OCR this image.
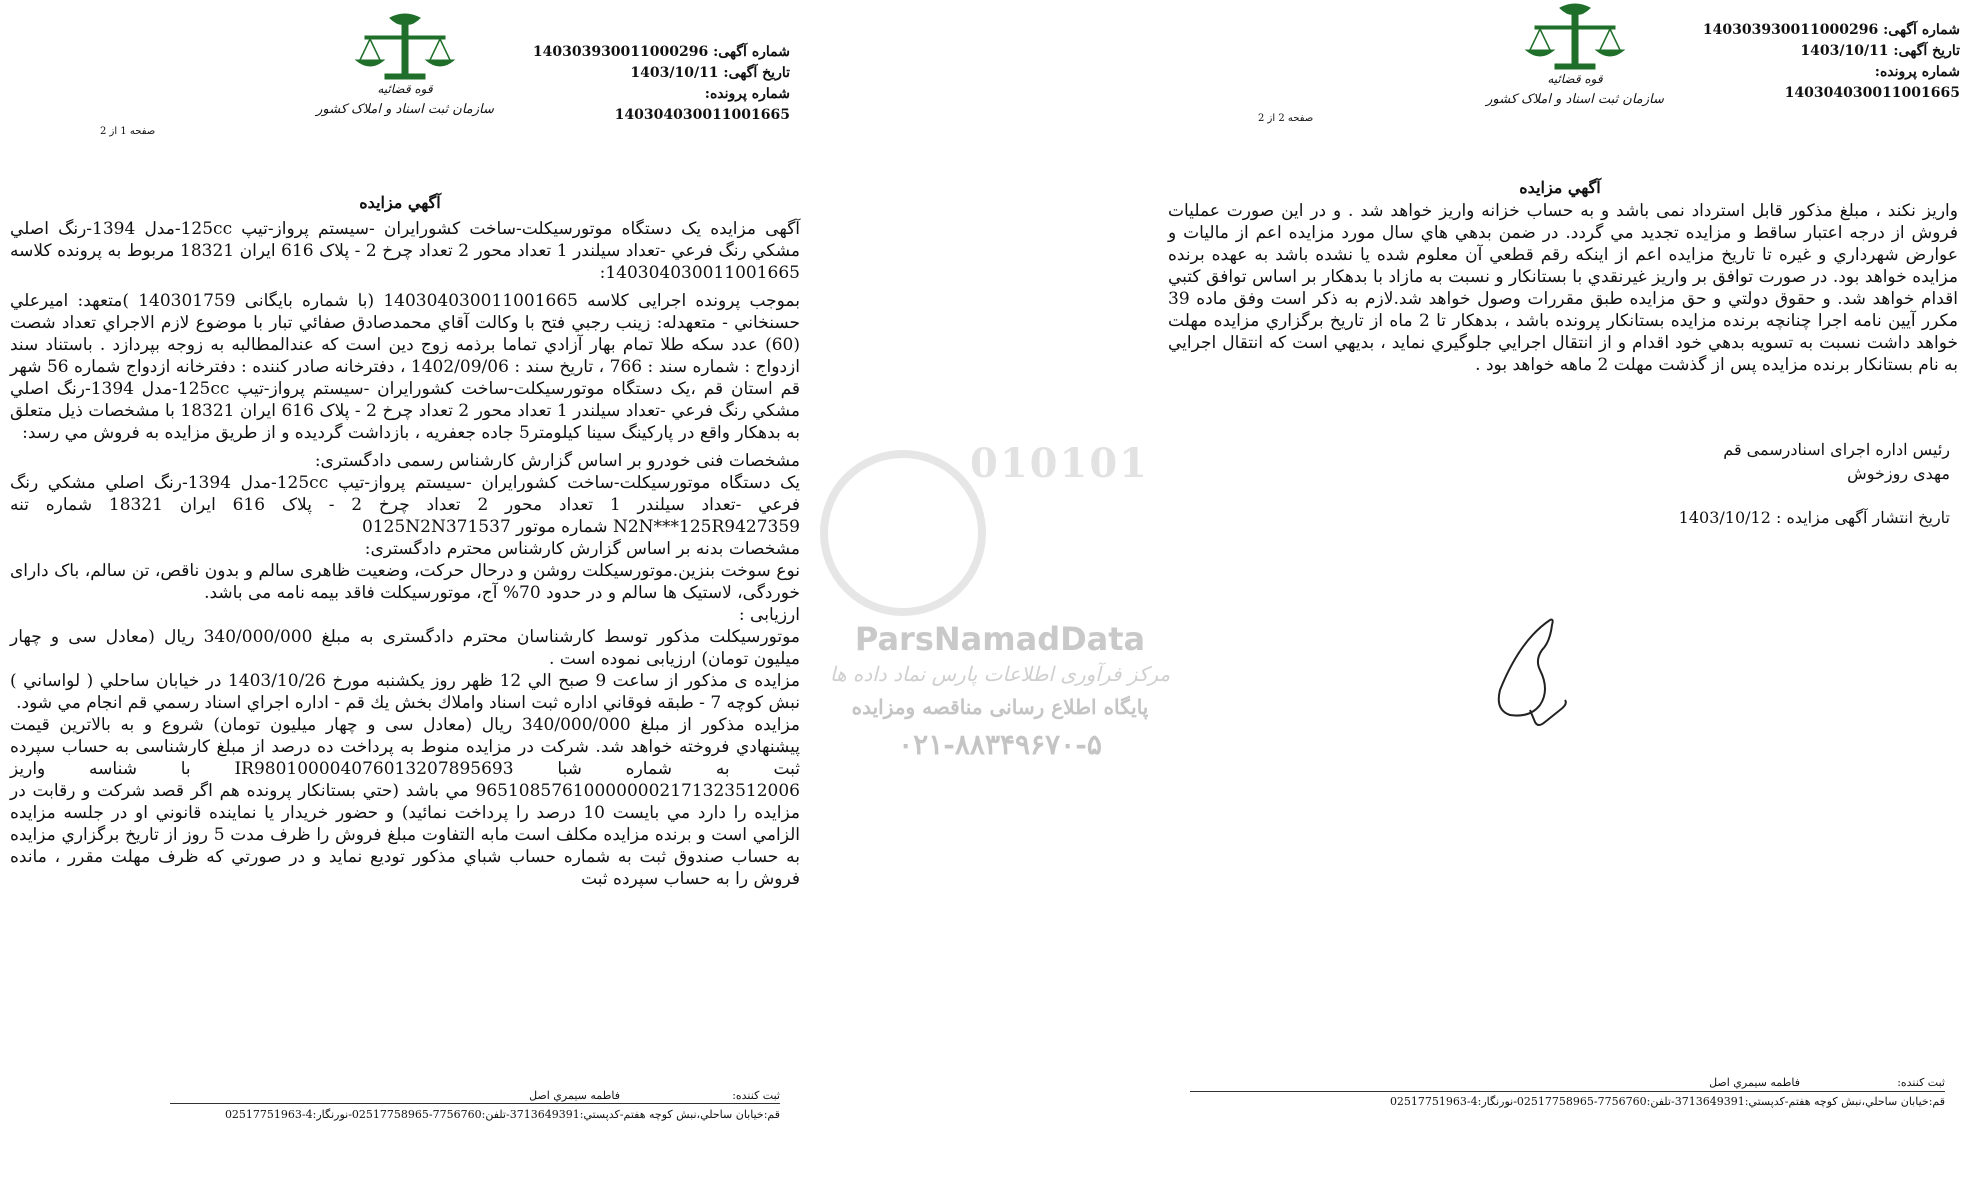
شماره آگهی: 140303930011000296
تاریخ آگهی: 1403/10/11
شماره پرونده: 140304030011001665
قوه قضائیه
سازمان ثبت اسناد و املاک کشور
صفحه 1 از 2
آگهي مزايده

آگهی مزایده یک دستگاه موتورسیکلت-ساخت کشورایران -سیستم پرواز-تیپ 125cc-مدل 1394-رنگ اصلي مشکي رنگ فرعي -تعداد سيلندر 1 تعداد محور 2 تعداد چرخ 2 - پلاک 616 ايران 18321 مربوط به پرونده کلاسه 140304030011001665:

بموجب پرونده اجرایی کلاسه 140304030011001665 (با شماره بایگانی 140301759 )متعهد: اميرعلي حسنخاني - متعهدله: زينب رجبي فتح با وكالت آقاي محمدصادق صفائي تبار با موضوع لازم الاجراي تعداد شصت (60) عدد سكه طلا تمام بهار آزادي تماما برذمه زوج دين است كه عندالمطالبه به زوجه بپردازد . باستناد سند ازدواج : شماره سند : 766 ، تاریخ سند : 1402/09/06 ، دفترخانه صادر کننده : دفترخانه ازدواج شماره 56 شهر قم استان قم ،یک دستگاه موتورسیکلت-ساخت کشورایران -سیستم پرواز-تیپ 125cc-مدل 1394-رنگ اصلي مشکي رنگ فرعي -تعداد سيلندر 1 تعداد محور 2 تعداد چرخ 2 - پلاک 616 ايران 18321 با مشخصات ذيل متعلق به بدهکار واقع در پارکینگ سینا کیلومتر5 جاده جعفریه ، بازداشت گردیده و از طريق مزايده به فروش مي رسد:

مشخصات فنی خودرو بر اساس گزارش كارشناس رسمی دادگستری:

یک دستگاه موتورسیکلت-ساخت کشورایران -سیستم پرواز-تیپ 125cc-مدل 1394-رنگ اصلي مشکي رنگ فرعي -تعداد سيلندر 1 تعداد محور 2 تعداد چرخ 2 - پلاک 616 ايران 18321 شماره تنه N2N***125R9427359 شماره موتور 0125N2N371537

مشخصات بدنه بر اساس گزارش كارشناس محترم دادگستری:

نوع سوخت بنزين.موتورسيكلت روشن و درحال حركت، وضعيت ظاهری سالم و بدون ناقص، تن سالم، باک دارای خوردگی، لاستيک ها سالم و در حدود 70% آج، موتورسيكلت فاقد بيمه نامه می باشد.

ارزیابی :

موتورسیکلت مذكور توسط كارشناسان محترم دادگستری به مبلغ 340/000/000 ريال (معادل سی و چهار ميليون تومان) ارزیابی نموده است .

مزايده ی مذكور از ساعت 9 صبح الي 12 ظهر روز يكشنبه مورخ 1403/10/26 در خیابان ساحلي ( لواساني ) نبش كوچه 7 - طبقه فوقاني اداره ثبت اسناد واملاك بخش يك قم - اداره اجراي اسناد رسمي قم انجام مي شود.

مزايده مذكور از مبلغ 340/000/000 ريال (معادل سی و چهار ميليون تومان) شروع و به بالاترين قيمت پيشنهادي فروخته خواهد شد. شركت در مزايده منوط به پرداخت ده درصد از مبلغ كارشناسی به حساب سپرده ثبت به شماره شبا IR980100004076013207895693 با شناسه واریز 965108576100000002171323512006 مي باشد (حتي بستانكار پرونده هم اگر قصد شركت و رقابت در مزايده را دارد مي بايست 10 درصد را پرداخت نمائيد) و حضور خريدار يا نماينده قانوني او در جلسه مزايده الزامي است و برنده مزايده مكلف است مابه التفاوت مبلغ فروش را ظرف مدت 5 روز از تاريخ برگزاري مزايده به حساب صندوق ثبت به شماره حساب شباي مذكور توديع نمايد و در صورتي كه ظرف مهلت مقرر ، مانده فروش را به حساب سپرده ثبت

ثبت كننده:
فاطمه سيمري اصل
قم:خيابان ساحلي،نبش كوچه هفتم-كدپستي:3713649391-تلفن:7756760-02517758965-نورنگار:4-02517751963
010101
ParsNamadData
مرکز فرآوری اطلاعات پارس نماد داده ها
پایگاه اطلاع رسانی مناقصه ومزایده
۰۲۱-۸۸۳۴۹۶۷۰-۵
شماره آگهی: 140303930011000296
تاریخ آگهی: 1403/10/11
شماره پرونده: 140304030011001665
قوه قضائیه
سازمان ثبت اسناد و املاک کشور
صفحه 2 از 2
آگهي مزايده
واريز نكند ، مبلغ مذكور قابل استرداد نمی باشد و به حساب خزانه واريز خواهد شد . و در اين صورت عمليات فروش از درجه اعتبار ساقط و مزايده تجديد مي گردد. در ضمن بدهي هاي سال مورد مزايده اعم از ماليات و عوارض شهرداري و غيره تا تاريخ مزايده اعم از اينكه رقم قطعي آن معلوم شده يا نشده باشد به عهده برنده مزايده خواهد بود. در صورت توافق بر واريز غيرنقدي با بستانكار و نسبت به مازاد با بدهكار بر اساس توافق كتبي اقدام خواهد شد. و حقوق دولتي و حق مزايده طبق مقررات وصول خواهد شد.لازم به ذكر است وفق ماده 39 مكرر آيين نامه اجرا چنانچه برنده مزايده بستانكار پرونده باشد ، بدهكار تا 2 ماه از تاريخ برگزاري مزايده مهلت خواهد داشت نسبت به تسويه بدهي خود اقدام و از انتقال اجرايي جلوگيري نمايد ، بديهي است كه انتقال اجرايي به نام بستانكار برنده مزايده پس از گذشت مهلت 2 ماهه خواهد بود .
رئيس اداره اجراى اسنادرسمى قم
مهدى روزخوش
تاريخ انتشار آگهى مزايده : 1403/10/12
ثبت كننده:
فاطمه سيمري اصل
قم:خيابان ساحلي،نبش كوچه هفتم-كدپستي:3713649391-تلفن:7756760-02517758965-نورنگار:4-02517751963
